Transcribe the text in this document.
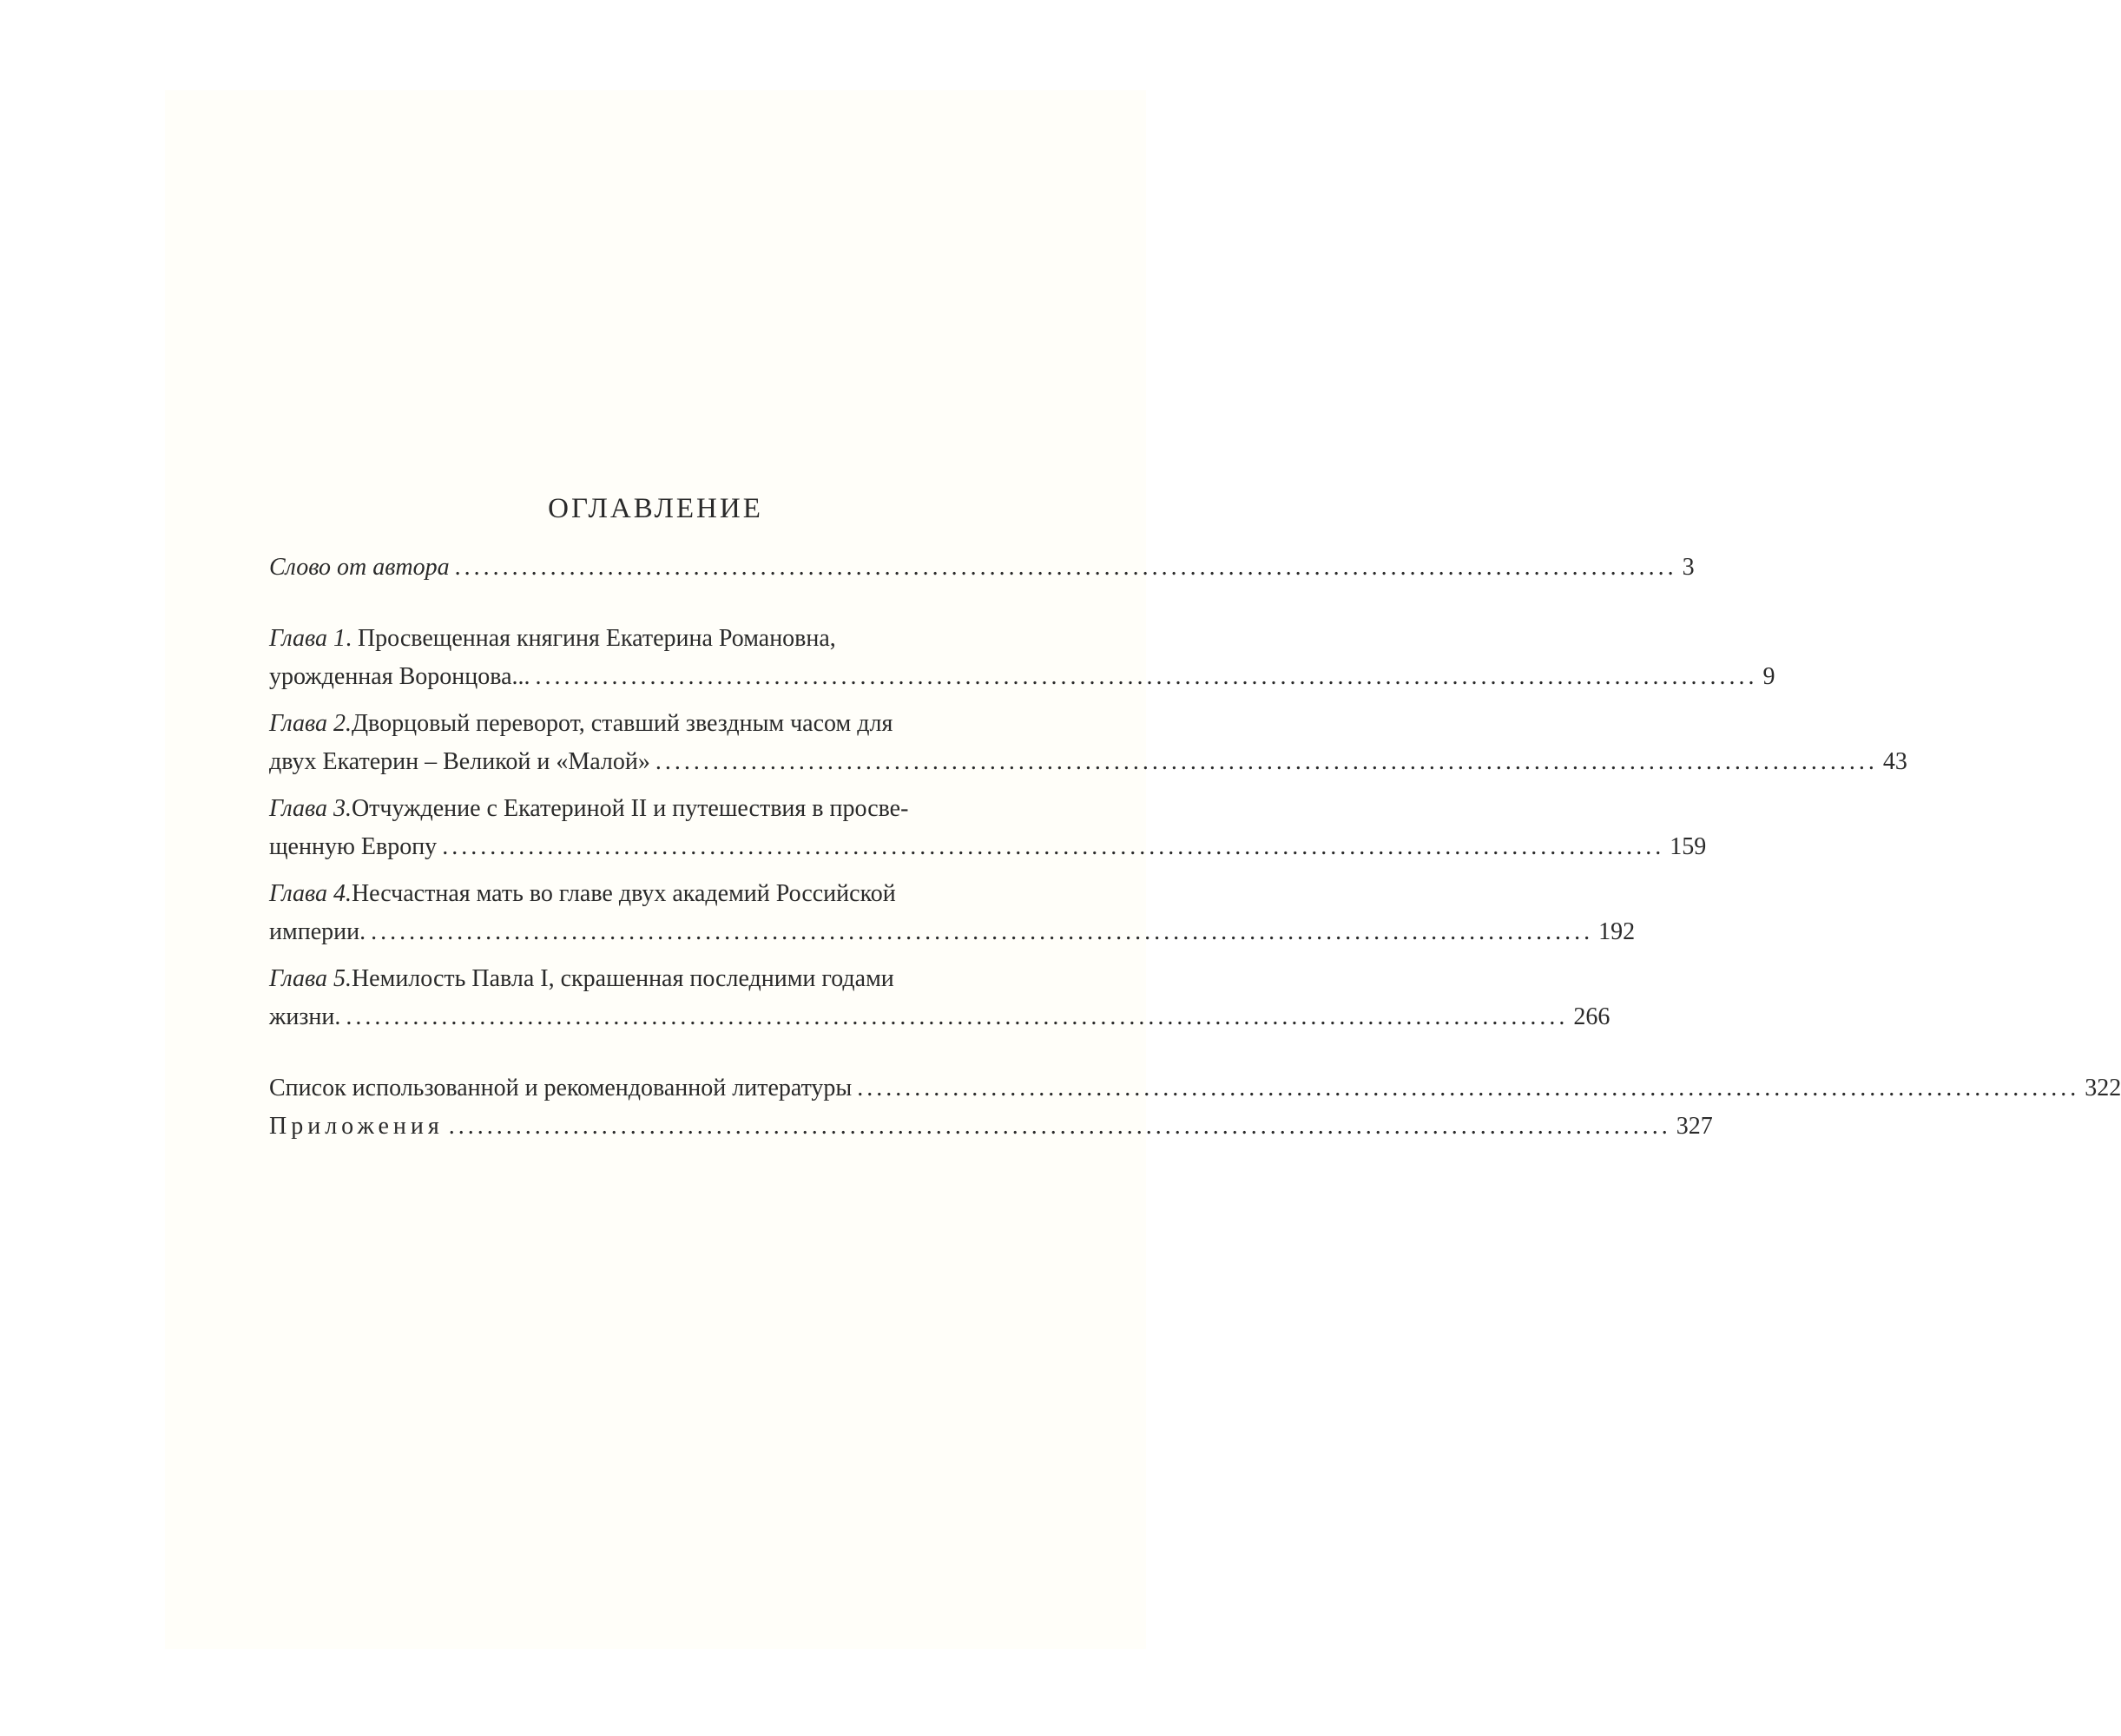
ОГЛАВЛЕНИЕ
Слово от автора ................................................................................................................................ 3
Глава 1 . Просвещенная княгиня Екатерина Романовна,
урожденная Воронцова... ................................................................................................................................ 9
Глава 2. Дворцовый переворот, ставший звездным часом для
двух Екатерин – Великой и «Малой» ................................................................................................................................ 43
Глава 3. Отчуждение с Екатериной II и путешествия в просве-
щенную Европу ................................................................................................................................ 159
Глава 4. Несчастная мать во главе двух академий Российской
империи. ................................................................................................................................ 192
Глава 5. Немилость Павла I, скрашенная последними годами
жизни. ................................................................................................................................ 266
Список использованной и рекомендованной литературы ................................................................................................................................ 322
Приложения ................................................................................................................................ 327
